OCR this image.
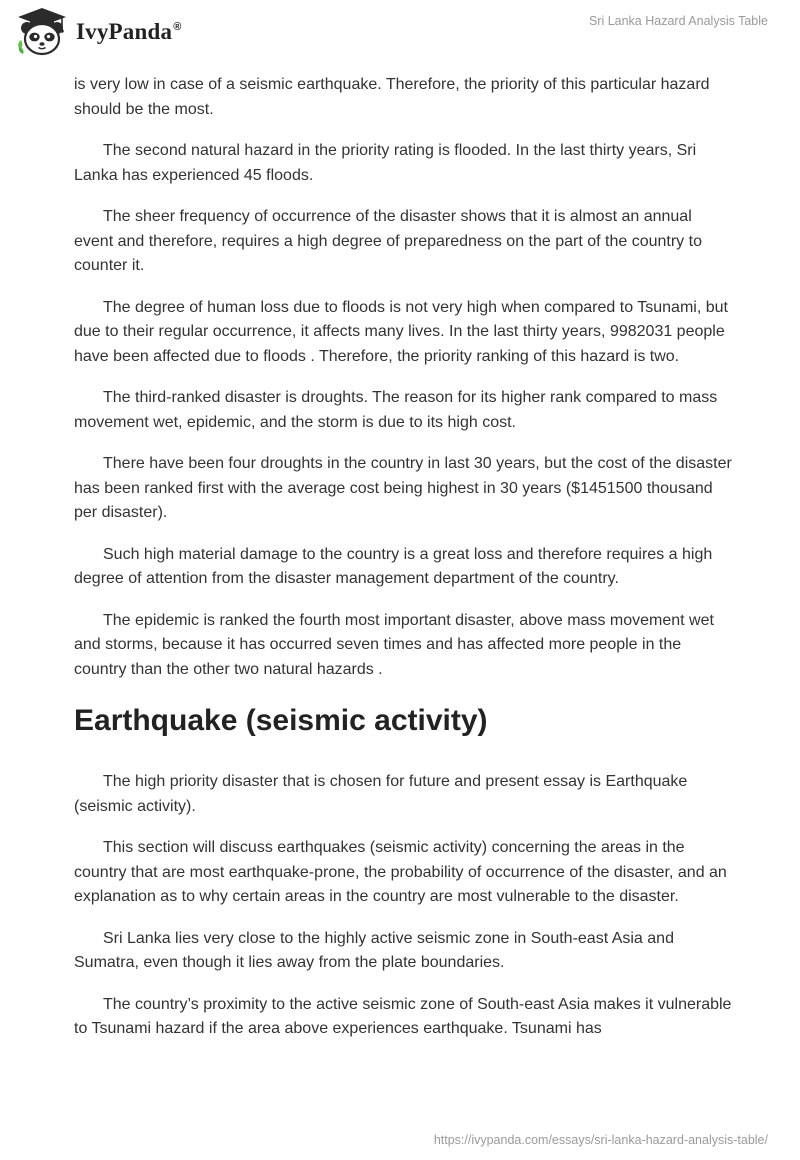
IvyPanda®	Sri Lanka Hazard Analysis Table

is very low in case of a seismic earthquake. Therefore, the priority of this particular hazard should be the most.

The second natural hazard in the priority rating is flooded. In the last thirty years, Sri Lanka has experienced 45 floods.

The sheer frequency of occurrence of the disaster shows that it is almost an annual event and therefore, requires a high degree of preparedness on the part of the country to counter it.

The degree of human loss due to floods is not very high when compared to Tsunami, but due to their regular occurrence, it affects many lives. In the last thirty years, 9982031 people have been affected due to floods . Therefore, the priority ranking of this hazard is two.

The third-ranked disaster is droughts. The reason for its higher rank compared to mass movement wet, epidemic, and the storm is due to its high cost.

There have been four droughts in the country in last 30 years, but the cost of the disaster has been ranked first with the average cost being highest in 30 years ($1451500 thousand per disaster).

Such high material damage to the country is a great loss and therefore requires a high degree of attention from the disaster management department of the country.

The epidemic is ranked the fourth most important disaster, above mass movement wet and storms, because it has occurred seven times and has affected more people in the country than the other two natural hazards .

Earthquake (seismic activity)

The high priority disaster that is chosen for future and present essay is Earthquake (seismic activity).

This section will discuss earthquakes (seismic activity) concerning the areas in the country that are most earthquake-prone, the probability of occurrence of the disaster, and an explanation as to why certain areas in the country are most vulnerable to the disaster.

Sri Lanka lies very close to the highly active seismic zone in South-east Asia and Sumatra, even though it lies away from the plate boundaries.

The country’s proximity to the active seismic zone of South-east Asia makes it vulnerable to Tsunami hazard if the area above experiences earthquake. Tsunami has

https://ivypanda.com/essays/sri-lanka-hazard-analysis-table/
